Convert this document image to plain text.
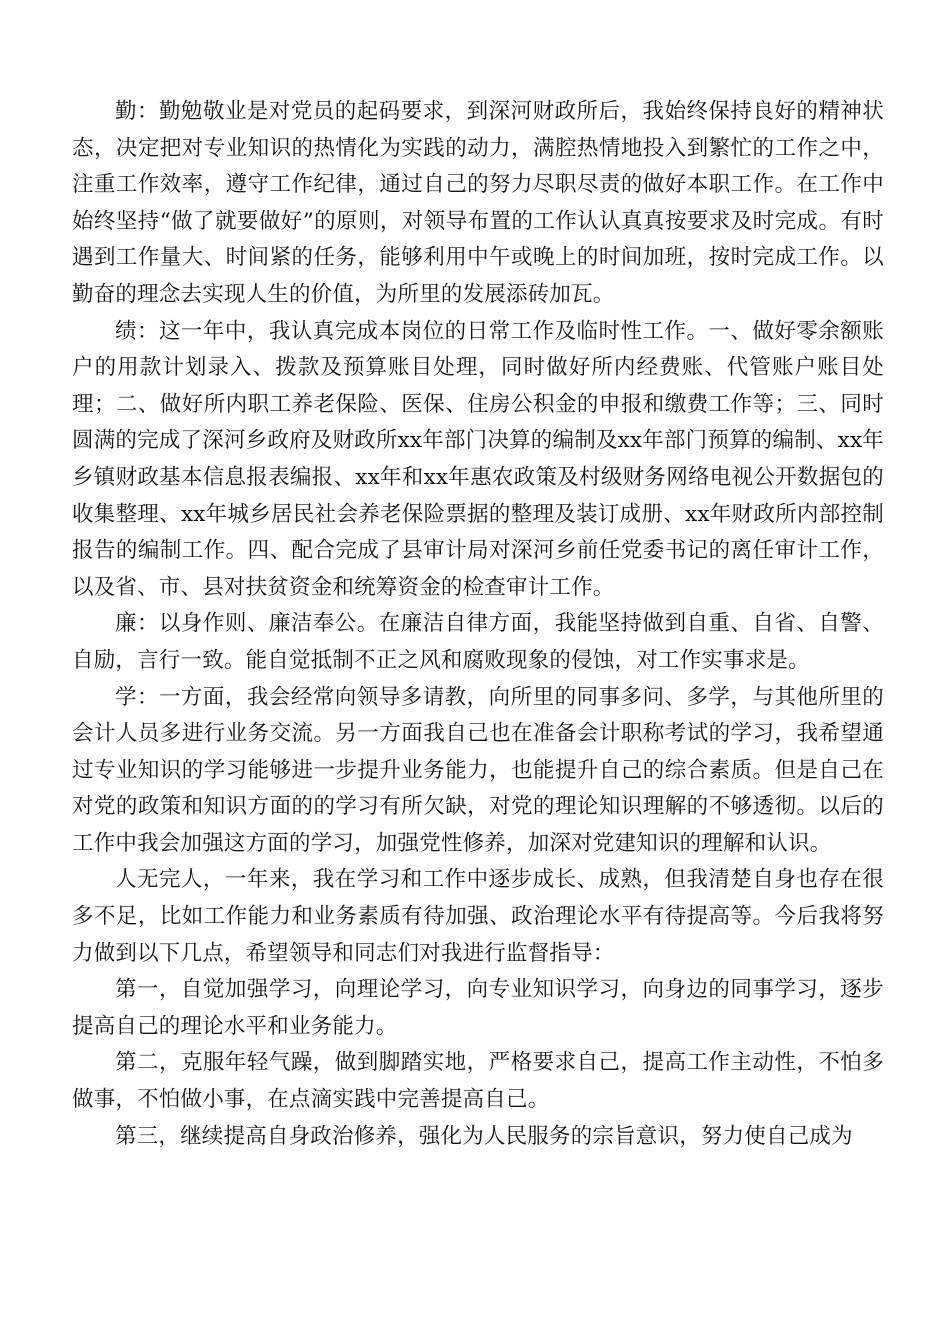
勤：勤勉敬业是对党员的起码要求，到深河财政所后，我始终保持良好的精神状态，决定把对专业知识的热情化为实践的动力，满腔热情地投入到繁忙的工作之中，注重工作效率，遵守工作纪律，通过自己的努力尽职尽责的做好本职工作。在工作中始终坚持“做了就要做好”的原则，对领导布置的工作认认真真按要求及时完成。有时遇到工作量大、时间紧的任务，能够利用中午或晚上的时间加班，按时完成工作。以勤奋的理念去实现人生的价值，为所里的发展添砖加瓦。

绩：这一年中，我认真完成本岗位的日常工作及临时性工作。一、做好零余额账户的用款计划录入、拨款及预算账目处理，同时做好所内经费账、代管账户账目处理；二、做好所内职工养老保险、医保、住房公积金的申报和缴费工作等；三、同时圆满的完成了深河乡政府及财政所xx年部门决算的编制及xx年部门预算的编制、xx年乡镇财政基本信息报表编报、xx年和xx年惠农政策及村级财务网络电视公开数据包的收集整理、xx年城乡居民社会养老保险票据的整理及装订成册、xx年财政所内部控制报告的编制工作。四、配合完成了县审计局对深河乡前任党委书记的离任审计工作，以及省、市、县对扶贫资金和统筹资金的检查审计工作。

廉：以身作则、廉洁奉公。在廉洁自律方面，我能坚持做到自重、自省、自警、自励，言行一致。能自觉抵制不正之风和腐败现象的侵蚀，对工作实事求是。

学：一方面，我会经常向领导多请教，向所里的同事多问、多学，与其他所里的会计人员多进行业务交流。另一方面我自己也在准备会计职称考试的学习，我希望通过专业知识的学习能够进一步提升业务能力，也能提升自己的综合素质。但是自己在对党的政策和知识方面的的学习有所欠缺，对党的理论知识理解的不够透彻。以后的工作中我会加强这方面的学习，加强党性修养，加深对党建知识的理解和认识。

人无完人，一年来，我在学习和工作中逐步成长、成熟，但我清楚自身也存在很多不足，比如工作能力和业务素质有待加强、政治理论水平有待提高等。今后我将努力做到以下几点，希望领导和同志们对我进行监督指导：

第一，自觉加强学习，向理论学习，向专业知识学习，向身边的同事学习，逐步提高自己的理论水平和业务能力。

第二，克服年轻气躁，做到脚踏实地，严格要求自己，提高工作主动性，不怕多做事，不怕做小事，在点滴实践中完善提高自己。

第三，继续提高自身政治修养，强化为人民服务的宗旨意识，努力使自己成为
